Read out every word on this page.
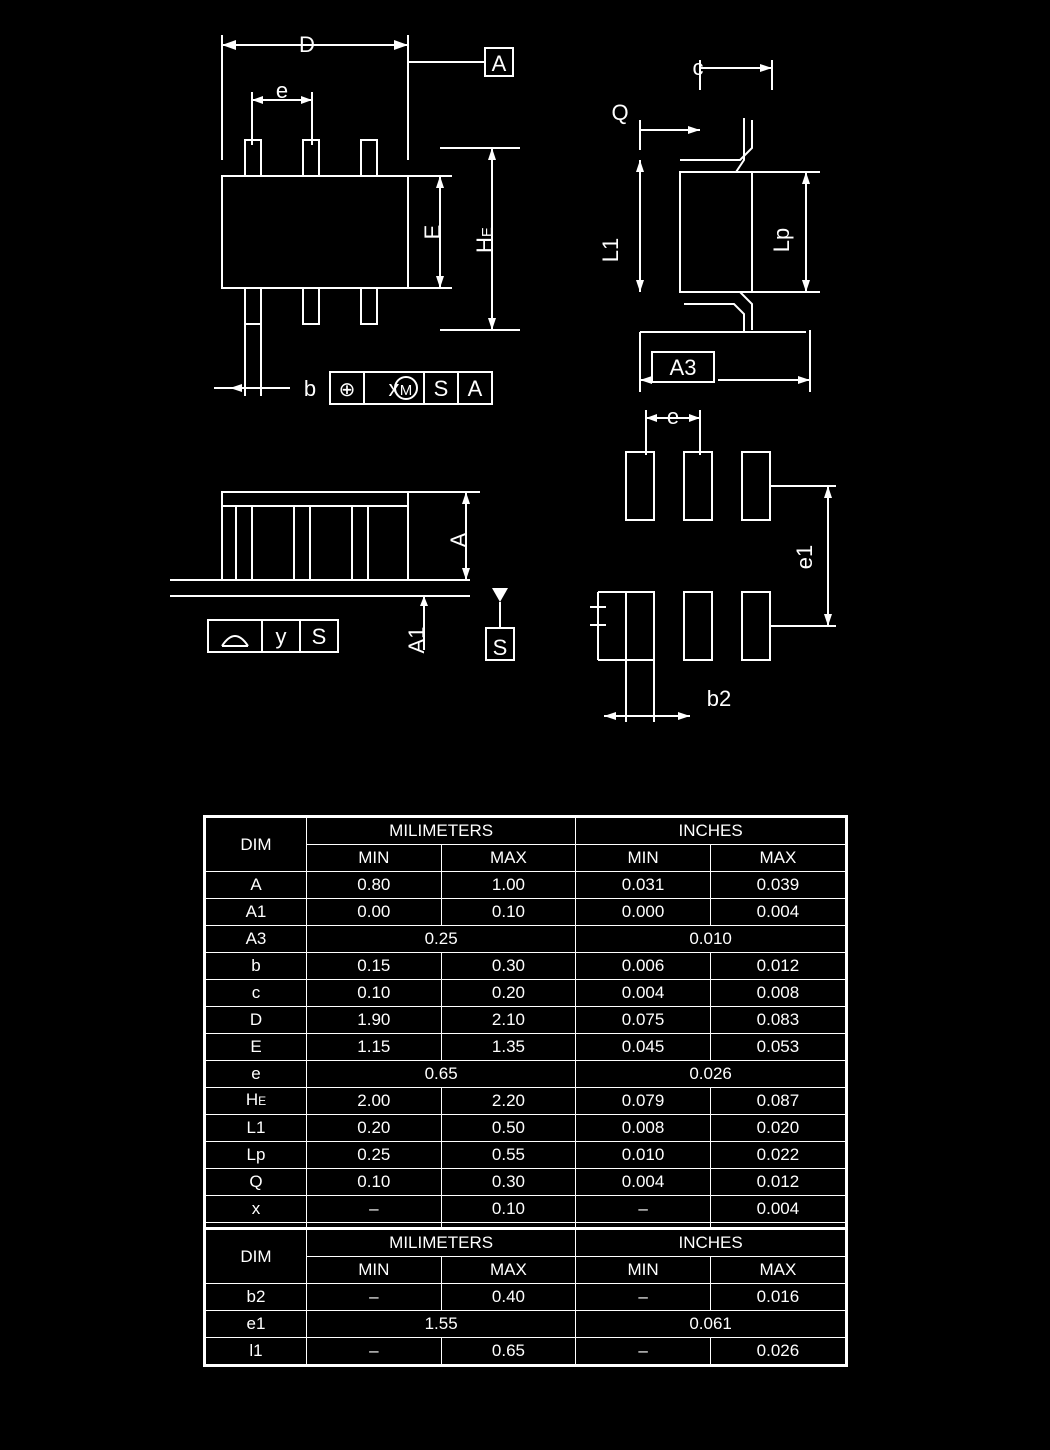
D
e
A
E
HE
b ⊕ x M S A
c
Q
L1	Lp
A3
e
A
A1
y S	S
e1
b2
DIM	MILIMETERS		INCHES	
	MIN	MAX	MIN	MAX
A	0.80	1.00	0.031	0.039
A1	0.00	0.10	0.000	0.004
A3	0.25		0.010	
b	0.15	0.30	0.006	0.012
c	0.10	0.20	0.004	0.008
D	1.90	2.10	0.075	0.083
E	1.15	1.35	0.045	0.053
e	0.65		0.026	
HE	2.00	2.20	0.079	0.087
L1	0.20	0.50	0.008	0.020
Lp	0.25	0.55	0.010	0.022
Q	0.10	0.30	0.004	0.012
x	–	0.10	–	0.004

DIM	MILIMETERS		INCHES	
	MIN	MAX	MIN	MAX
b2	–	0.40	–	0.016
e1	1.55		0.061	
l1	–	0.65	–	0.026
